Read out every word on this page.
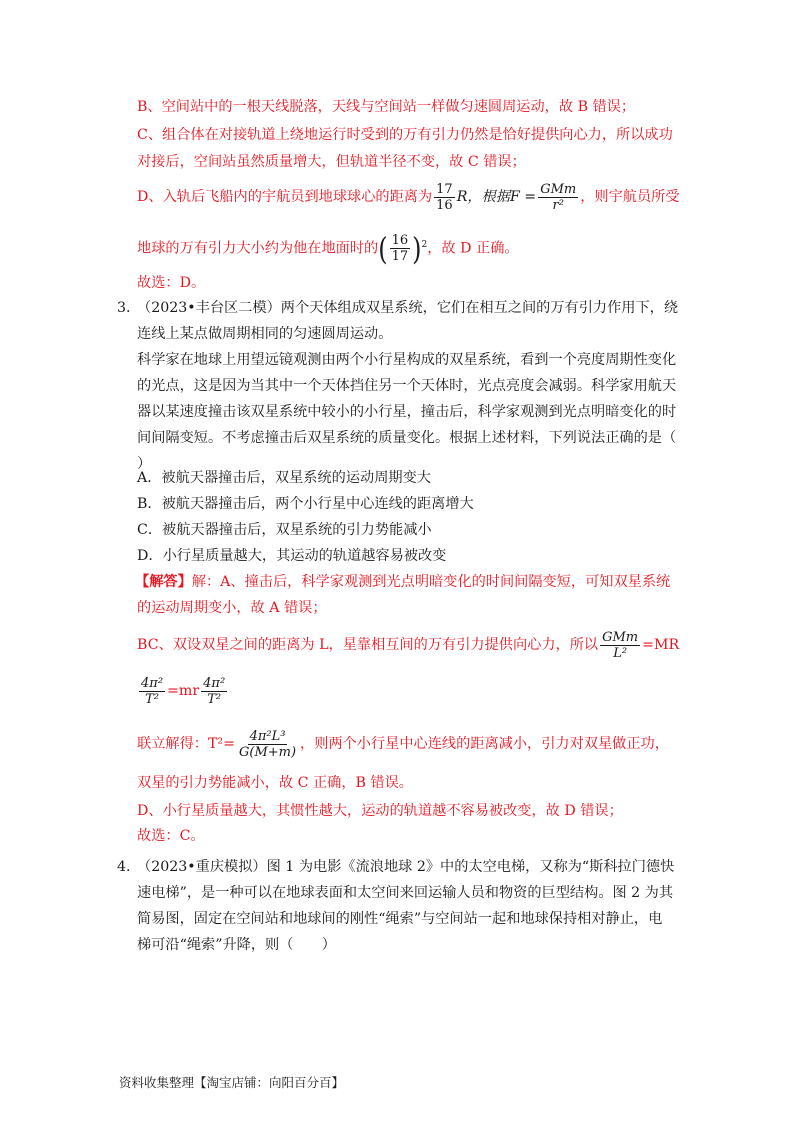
B、空间站中的一根天线脱落，天线与空间站一样做匀速圆周运动，故 B 错误；
C、组合体在对接轨道上绕地运行时受到的万有引力仍然是恰好提供向心力，所以成功
对接后，空间站虽然质量增大，但轨道半径不变，故 C 错误；
D、入轨后飞船内的宇航员到地球球心的距离为 $\frac{17}{16}$ R，根据$F = \frac{\text{GMm}}{\text{r²}}$ ，则宇航员所受
地球的万有引力大小约为他在地面时的( $\frac{16}{17} )^2$，故 D 正确。
故选：D。
3. （2023•丰台区二模）两个天体组成双星系统，它们在相互之间的万有引力作用下，绕
连线上某点做周期相同的匀速圆周运动。
科学家在地球上用望远镜观测由两个小行星构成的双星系统，看到一个亮度周期性变化
的光点，这是因为当其中一个天体挡住另一个天体时，光点亮度会减弱。科学家用航天
器以某速度撞击该双星系统中较小的小行星，撞击后，科学家观测到光点明暗变化的时
间间隔变短。不考虑撞击后双星系统的质量变化。根据上述材料，下列说法正确的是（
）
A．被航天器撞击后，双星系统的运动周期变大
B．被航天器撞击后，两个小行星中心连线的距离增大
C．被航天器撞击后，双星系统的引力势能减小
D．小行星质量越大，其运动的轨道越容易被改变
【解答】解：A、撞击后，科学家观测到光点明暗变化的时间间隔变短，可知双星系统
的运动周期变小，故 A 错误；
BC、双设双星之间的距离为 L，星靠相互间的万有引力提供向心力，所以 $\frac{\text{GMm}}{\text{L²}} =MR$
$\frac{\text{4π²}}{\text{T²}} =mr \frac{\text{4π²}}{\text{T²}}$
联立解得：$T^2= \frac{\text{4π²L³}}{G(M+m)}$ ，则两个小行星中心连线的距离减小，引力对双星做正功，
双星的引力势能减小，故 C 正确，B 错误。
D、小行星质量越大，其惯性越大，运动的轨道越不容易被改变，故 D 错误；
故选：C。
4. （2023•重庆模拟）图 1 为电影《流浪地球 2》中的太空电梯，又称为“斯科拉门德快
速电梯”，是一种可以在地球表面和太空间来回运输人员和物资的巨型结构。图 2 为其
简易图，固定在空间站和地球间的刚性“绳索”与空间站一起和地球保持相对静止，电
梯可沿“绳索”升降，则（　　）
资料收集整理【淘宝店铺：向阳百分百】
